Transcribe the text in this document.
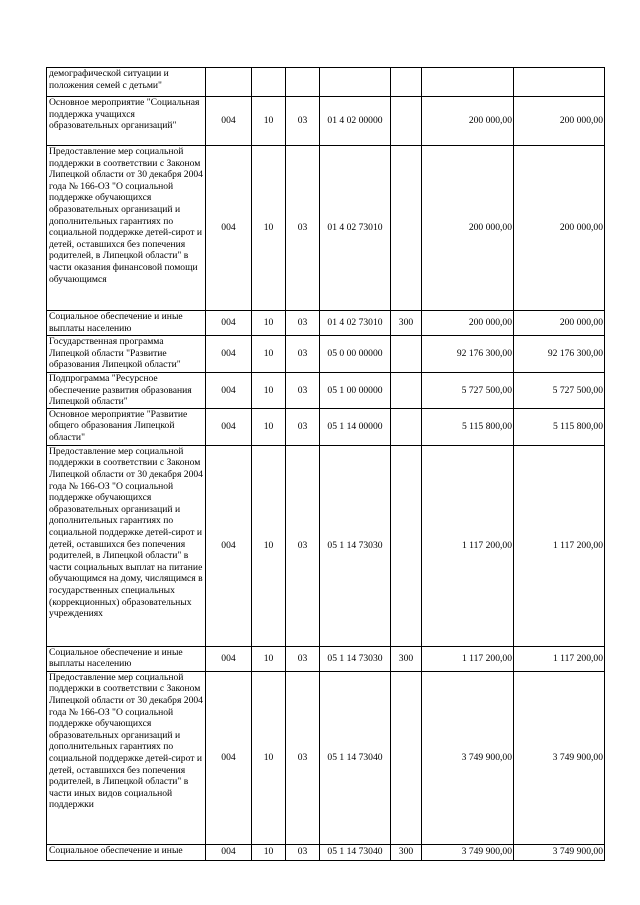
демографической ситуации и положения семей с детьми"							
Основное мероприятие "Социальная поддержка учащихся образовательных организаций"	004	10	03	01 4 02 00000		200 000,00	200 000,00
Предоставление мер социальной поддержки в соответствии с Законом Липецкой области от 30 декабря 2004 года № 166-ОЗ "О социальной поддержке обучающихся образовательных организаций и дополнительных гарантиях по социальной поддержке детей-сирот и детей, оставшихся без попечения родителей, в Липецкой области" в части оказания финансовой помощи обучающимся	004	10	03	01 4 02 73010		200 000,00	200 000,00
Социальное обеспечение и иные выплаты населению	004	10	03	01 4 02 73010	300	200 000,00	200 000,00
Государственная программа Липецкой области "Развитие образования Липецкой области"	004	10	03	05 0 00 00000		92 176 300,00	92 176 300,00
Подпрограмма "Ресурсное обеспечение развития образования Липецкой области"	004	10	03	05 1 00 00000		5 727 500,00	5 727 500,00
Основное мероприятие "Развитие общего образования Липецкой области"	004	10	03	05 1 14 00000		5 115 800,00	5 115 800,00
Предоставление мер социальной поддержки в соответствии с Законом Липецкой области от 30 декабря 2004 года № 166-ОЗ "О социальной поддержке обучающихся образовательных организаций и дополнительных гарантиях по социальной поддержке детей-сирот и детей, оставшихся без попечения родителей, в Липецкой области" в части социальных выплат на питание обучающимся на дому, числящимся в государственных специальных (коррекционных) образовательных учреждениях	004	10	03	05 1 14 73030		1 117 200,00	1 117 200,00
Социальное обеспечение и иные выплаты населению	004	10	03	05 1 14 73030	300	1 117 200,00	1 117 200,00
Предоставление мер социальной поддержки в соответствии с Законом Липецкой области от 30 декабря 2004 года № 166-ОЗ "О социальной поддержке обучающихся образовательных организаций и дополнительных гарантиях по социальной поддержке детей-сирот и детей, оставшихся без попечения родителей, в Липецкой области" в части иных видов социальной поддержки	004	10	03	05 1 14 73040		3 749 900,00	3 749 900,00
Социальное обеспечение и иные	004	10	03	05 1 14 73040	300	3 749 900,00	3 749 900,00
